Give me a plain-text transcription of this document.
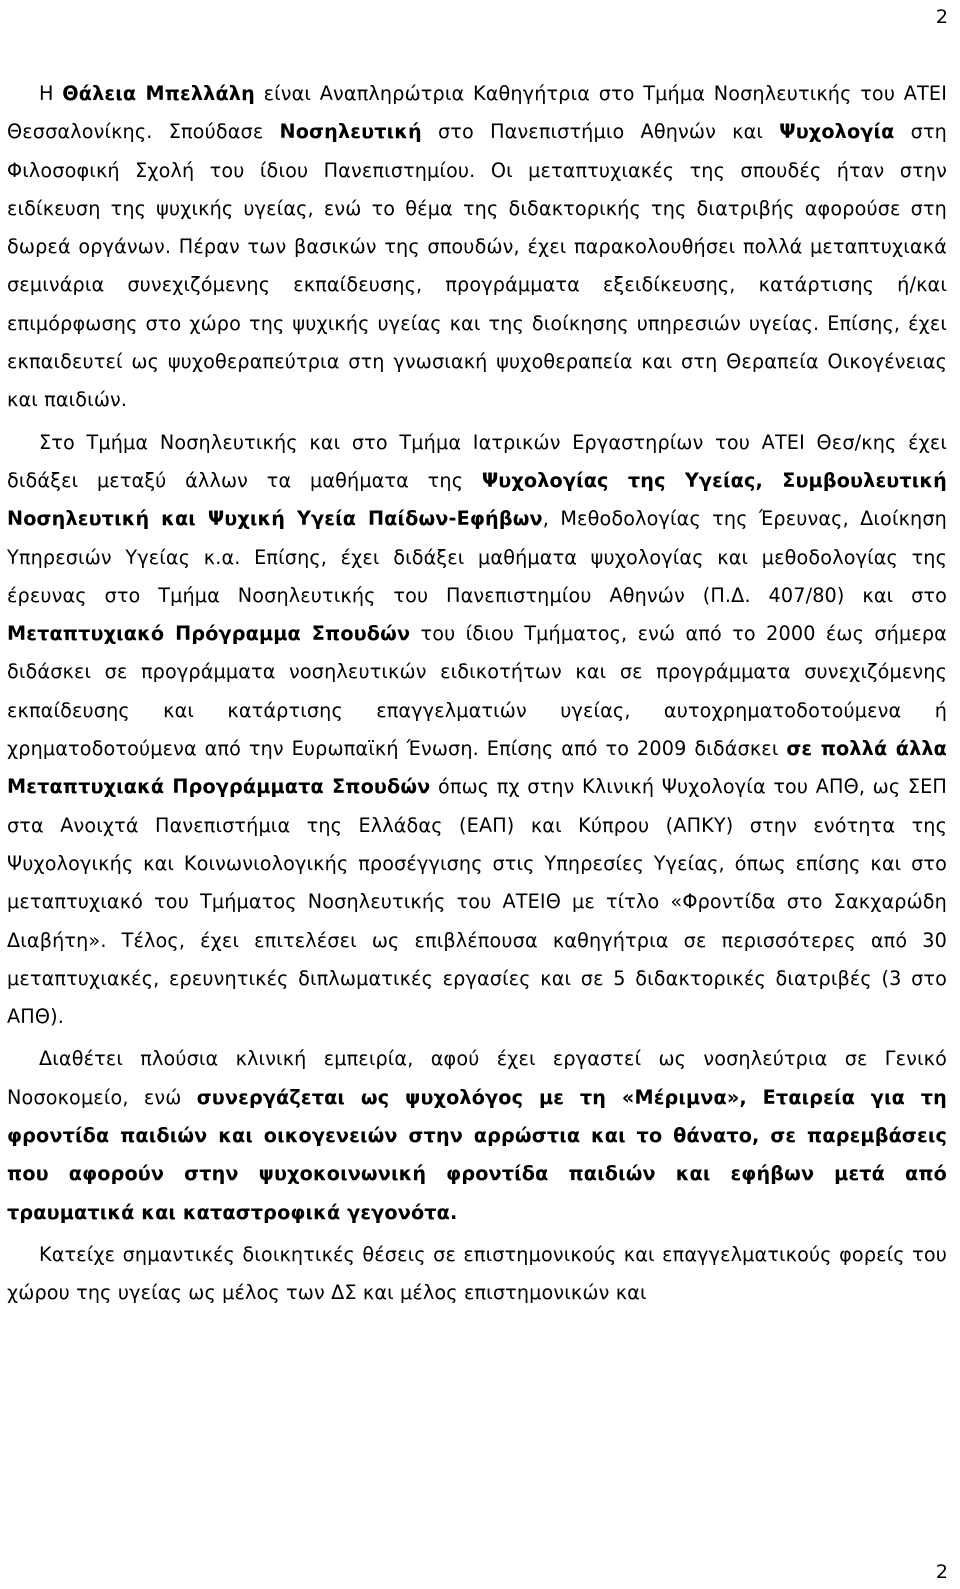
2

Η Θάλεια Μπελλάλη είναι Αναπληρώτρια Καθηγήτρια στο Τμήμα Νοσηλευτικής του ΑΤΕΙ Θεσσαλονίκης. Σπούδασε Νοσηλευτική στο Πανεπιστήμιο Αθηνών και Ψυχολογία στη Φιλοσοφική Σχολή του ίδιου Πανεπιστημίου. Οι μεταπτυχιακές της σπουδές ήταν στην ειδίκευση της ψυχικής υγείας, ενώ το θέμα της διδακτορικής της διατριβής αφορούσε στη δωρεά οργάνων. Πέραν των βασικών της σπουδών, έχει παρακολουθήσει πολλά μεταπτυχιακά σεμινάρια συνεχιζόμενης εκπαίδευσης, προγράμματα εξειδίκευσης, κατάρτισης ή/και επιμόρφωσης στο χώρο της ψυχικής υγείας και της διοίκησης υπηρεσιών υγείας. Επίσης, έχει εκπαιδευτεί ως ψυχοθεραπεύτρια στη γνωσιακή ψυχοθεραπεία και στη Θεραπεία Οικογένειας και παιδιών.

Στο Τμήμα Νοσηλευτικής και στο Τμήμα Ιατρικών Εργαστηρίων του ΑΤΕΙ Θεσ/κης έχει διδάξει μεταξύ άλλων τα μαθήματα της Ψυχολογίας της Υγείας, Συμβουλευτική Νοσηλευτική και Ψυχική Υγεία Παίδων-Εφήβων, Μεθοδολογίας της Έρευνας, Διοίκηση Υπηρεσιών Υγείας κ.α. Επίσης, έχει διδάξει μαθήματα ψυχολογίας και μεθοδολογίας της έρευνας στο Τμήμα Νοσηλευτικής του Πανεπιστημίου Αθηνών (Π.Δ. 407/80) και στο Μεταπτυχιακό Πρόγραμμα Σπουδών του ίδιου Τμήματος, ενώ από το 2000 έως σήμερα διδάσκει σε προγράμματα νοσηλευτικών ειδικοτήτων και σε προγράμματα συνεχιζόμενης εκπαίδευσης και κατάρτισης επαγγελματιών υγείας, αυτοχρηματοδοτούμενα ή χρηματοδοτούμενα από την Ευρωπαϊκή Ένωση. Επίσης από το 2009 διδάσκει σε πολλά άλλα Μεταπτυχιακά Προγράμματα Σπουδών όπως πχ στην Κλινική Ψυχολογία του ΑΠΘ, ως ΣΕΠ στα Ανοιχτά Πανεπιστήμια της Ελλάδας (ΕΑΠ) και Κύπρου (ΑΠΚΥ) στην ενότητα της Ψυχολογικής και Κοινωνιολογικής προσέγγισης στις Υπηρεσίες Υγείας, όπως επίσης και στο μεταπτυχιακό του Τμήματος Νοσηλευτικής του ΑΤΕΙΘ με τίτλο «Φροντίδα στο Σακχαρώδη Διαβήτη». Τέλος, έχει επιτελέσει ως επιβλέπουσα καθηγήτρια σε περισσότερες από 30 μεταπτυχιακές, ερευνητικές διπλωματικές εργασίες και σε 5 διδακτορικές διατριβές (3 στο ΑΠΘ).

Διαθέτει πλούσια κλινική εμπειρία, αφού έχει εργαστεί ως νοσηλεύτρια σε Γενικό Νοσοκομείο, ενώ συνεργάζεται ως ψυχολόγος με τη «Μέριμνα», Εταιρεία για τη φροντίδα παιδιών και οικογενειών στην αρρώστια και το θάνατο, σε παρεμβάσεις που αφορούν στην ψυχοκοινωνική φροντίδα παιδιών και εφήβων μετά από τραυματικά και καταστροφικά γεγονότα.

Κατείχε σημαντικές διοικητικές θέσεις σε επιστημονικούς και επαγγελματικούς φορείς του χώρου της υγείας ως μέλος των ΔΣ και μέλος επιστημονικών και

2
